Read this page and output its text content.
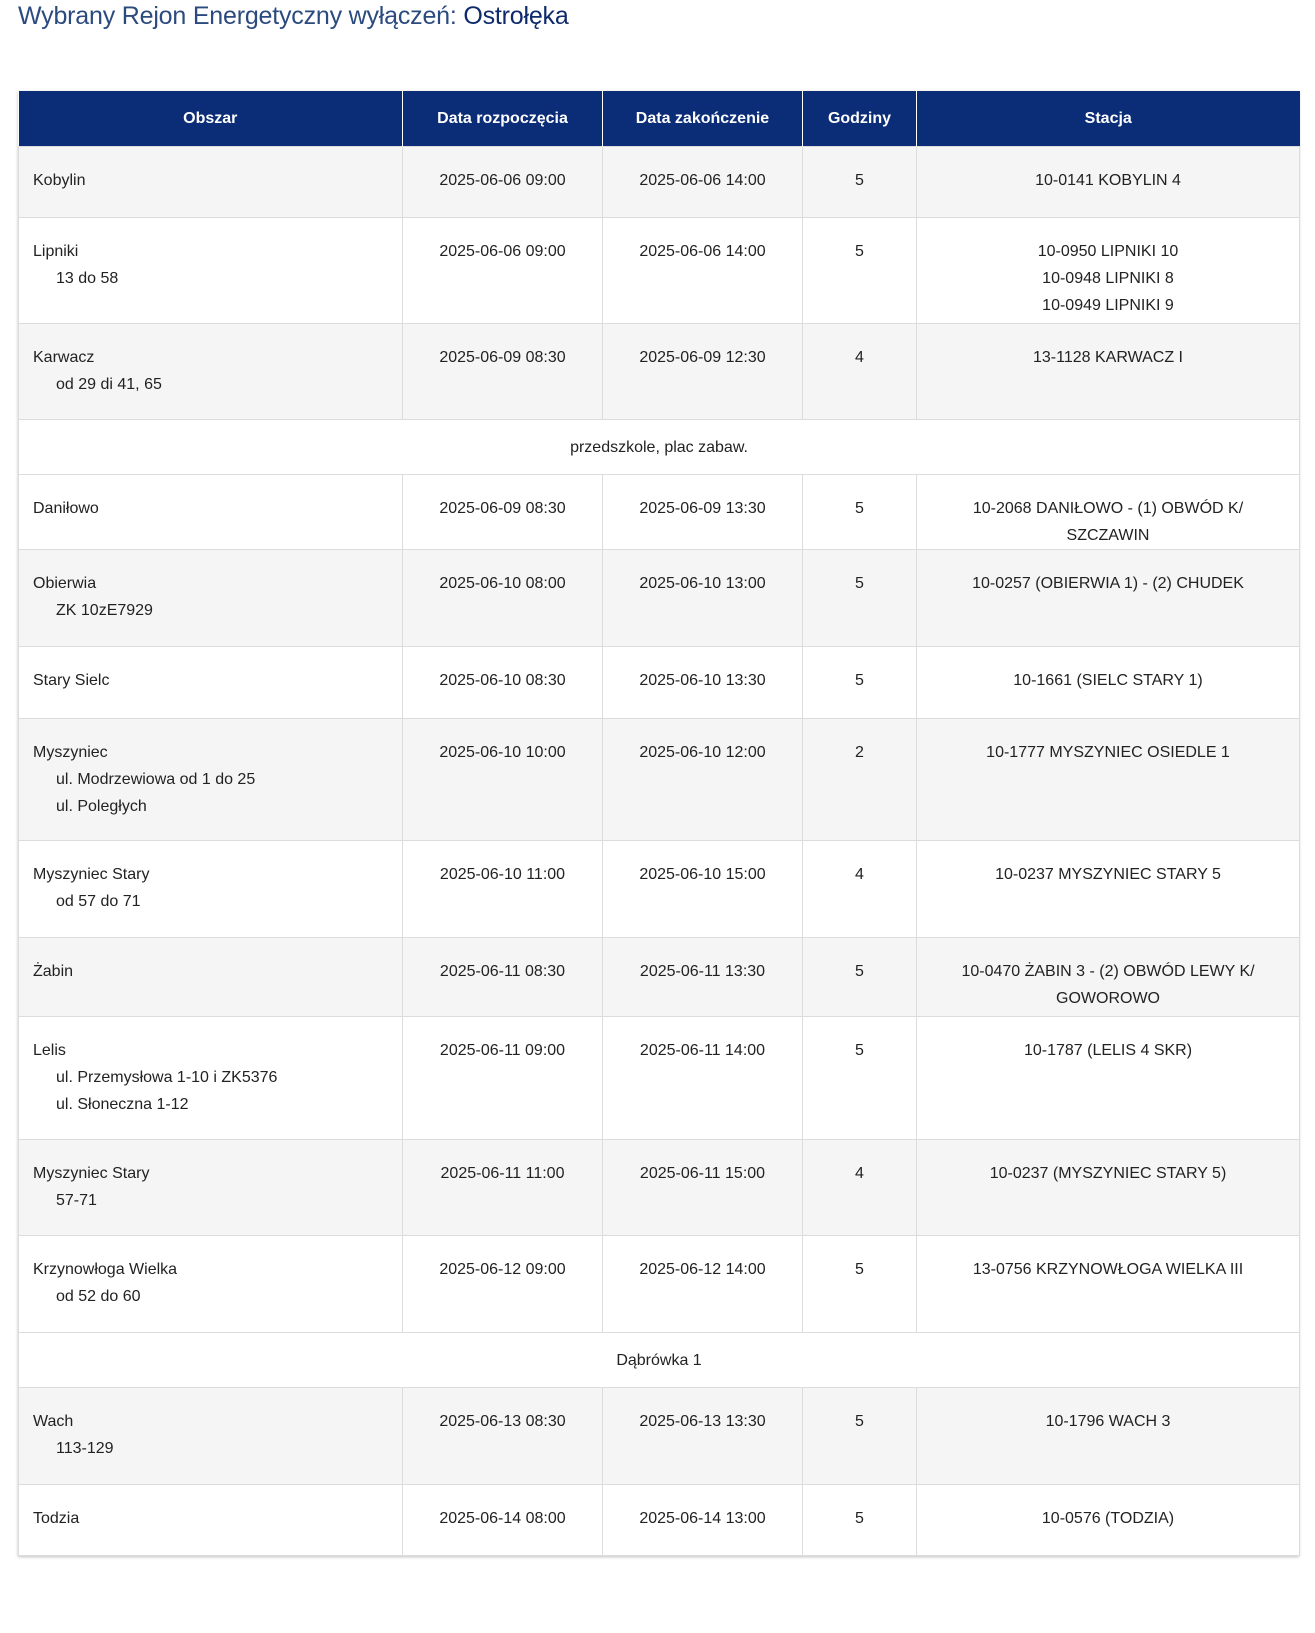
Wybrany Rejon Energetyczny wyłączeń: Ostrołęka
Obszar	Data rozpoczęcia	Data zakończenie	Godziny	Stacja

Kobylin	2025-06-06 09:00	2025-06-06 14:00	5	10-0141 KOBYLIN 4

Lipniki
13 do 58	2025-06-06 09:00	2025-06-06 14:00	5	10-0950 LIPNIKI 10
10-0948 LIPNIKI 8
10-0949 LIPNIKI 9

Karwacz
od 29 di 41, 65	2025-06-09 08:30	2025-06-09 12:30	4	13-1128 KARWACZ I

przedszkole, plac zabaw.				

Daniłowo	2025-06-09 08:30	2025-06-09 13:30	5	10-2068 DANIŁOWO - (1) OBWÓD K/ SZCZAWIN

Obierwia
ZK 10zE7929	2025-06-10 08:00	2025-06-10 13:00	5	10-0257 (OBIERWIA 1) - (2) CHUDEK

Stary Sielc	2025-06-10 08:30	2025-06-10 13:30	5	10-1661 (SIELC STARY 1)

Myszyniec
ul. Modrzewiowa od 1 do 25
ul. Poległych	2025-06-10 10:00	2025-06-10 12:00	2	10-1777 MYSZYNIEC OSIEDLE 1

Myszyniec Stary
od 57 do 71	2025-06-10 11:00	2025-06-10 15:00	4	10-0237 MYSZYNIEC STARY 5

Żabin	2025-06-11 08:30	2025-06-11 13:30	5	10-0470 ŻABIN 3 - (2) OBWÓD LEWY K/
GOWOROWO

Lelis
ul. Przemysłowa 1-10 i ZK5376
ul. Słoneczna 1-12	2025-06-11 09:00	2025-06-11 14:00	5	10-1787 (LELIS 4 SKR)

Myszyniec Stary
57-71	2025-06-11 11:00	2025-06-11 15:00	4	10-0237 (MYSZYNIEC STARY 5)

Krzynowłoga Wielka
od 52 do 60	2025-06-12 09:00	2025-06-12 14:00	5	13-0756 KRZYNOWŁOGA WIELKA III

Dąbrówka 1				

Wach
113-129	2025-06-13 08:30	2025-06-13 13:30	5	10-1796 WACH 3

Todzia	2025-06-14 08:00	2025-06-14 13:00	5	10-0576 (TODZIA)
